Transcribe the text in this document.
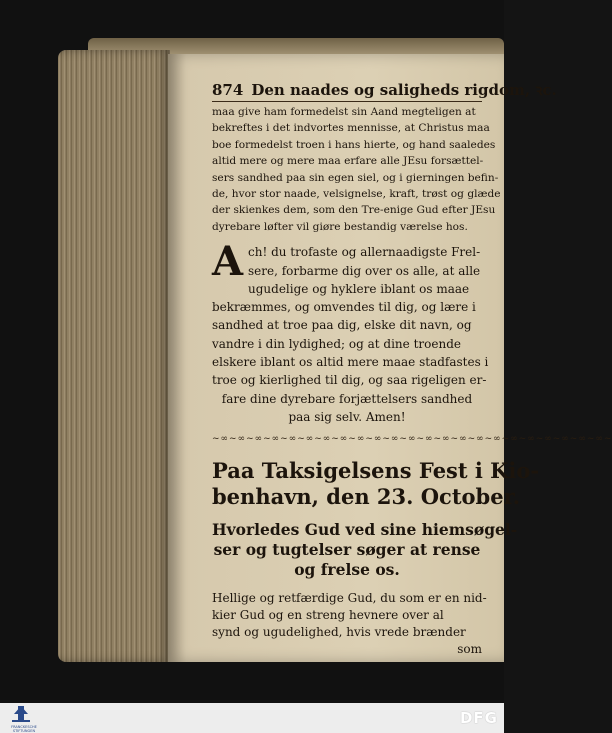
874 Den naades og saligheds rigdom, ꝛc.
maa give ham formedelst sin Aand megteligen at
bekreftes i det indvortes mennisse, at Christus maa
boe formedelst troen i hans hierte, og hand saaledes
altid mere og mere maa erfare alle JEsu forsættel-
sers sandhed paa sin egen siel, og i gierningen befin-
de, hvor stor naade, velsignelse, kraft, trøst og glæde
der skienkes dem, som den Tre-enige Gud efter JEsu
dyrebare løfter vil giøre bestandig værelse hos.
A ch! du trofaste og allernaadigste Frel-
sere, forbarme dig over os alle, at alle
ugudelige og hyklere iblant os maae
bekræmmes, og omvendes til dig, og lære i
sandhed at troe paa dig, elske dit navn, og
vandre i din lydighed; og at dine troende
elskere iblant os altid mere maae stadfastes i
troe og kierlighed til dig, og saa rigeligen er-
fare dine dyrebare forjættelsers sandhed
paa sig selv. Amen!
~∞~∞~∞~∞~∞~∞~∞~∞~∞~∞~∞~∞~∞~∞~∞~∞~∞~∞~∞~∞~∞~∞~∞~
Paa Taksigelsens Fest i Kio-
benhavn, den 23. October.
Hvorledes Gud ved sine hiemsøgel-
ser og tugtelser søger at rense
og frelse os.
Hellige og retfærdige Gud, du som er en nid-
kier Gud og en streng hevnere over al
synd og ugudelighed, hvis vrede brænder
som
FRANCKESCHE STIFTUNGEN
DFG
